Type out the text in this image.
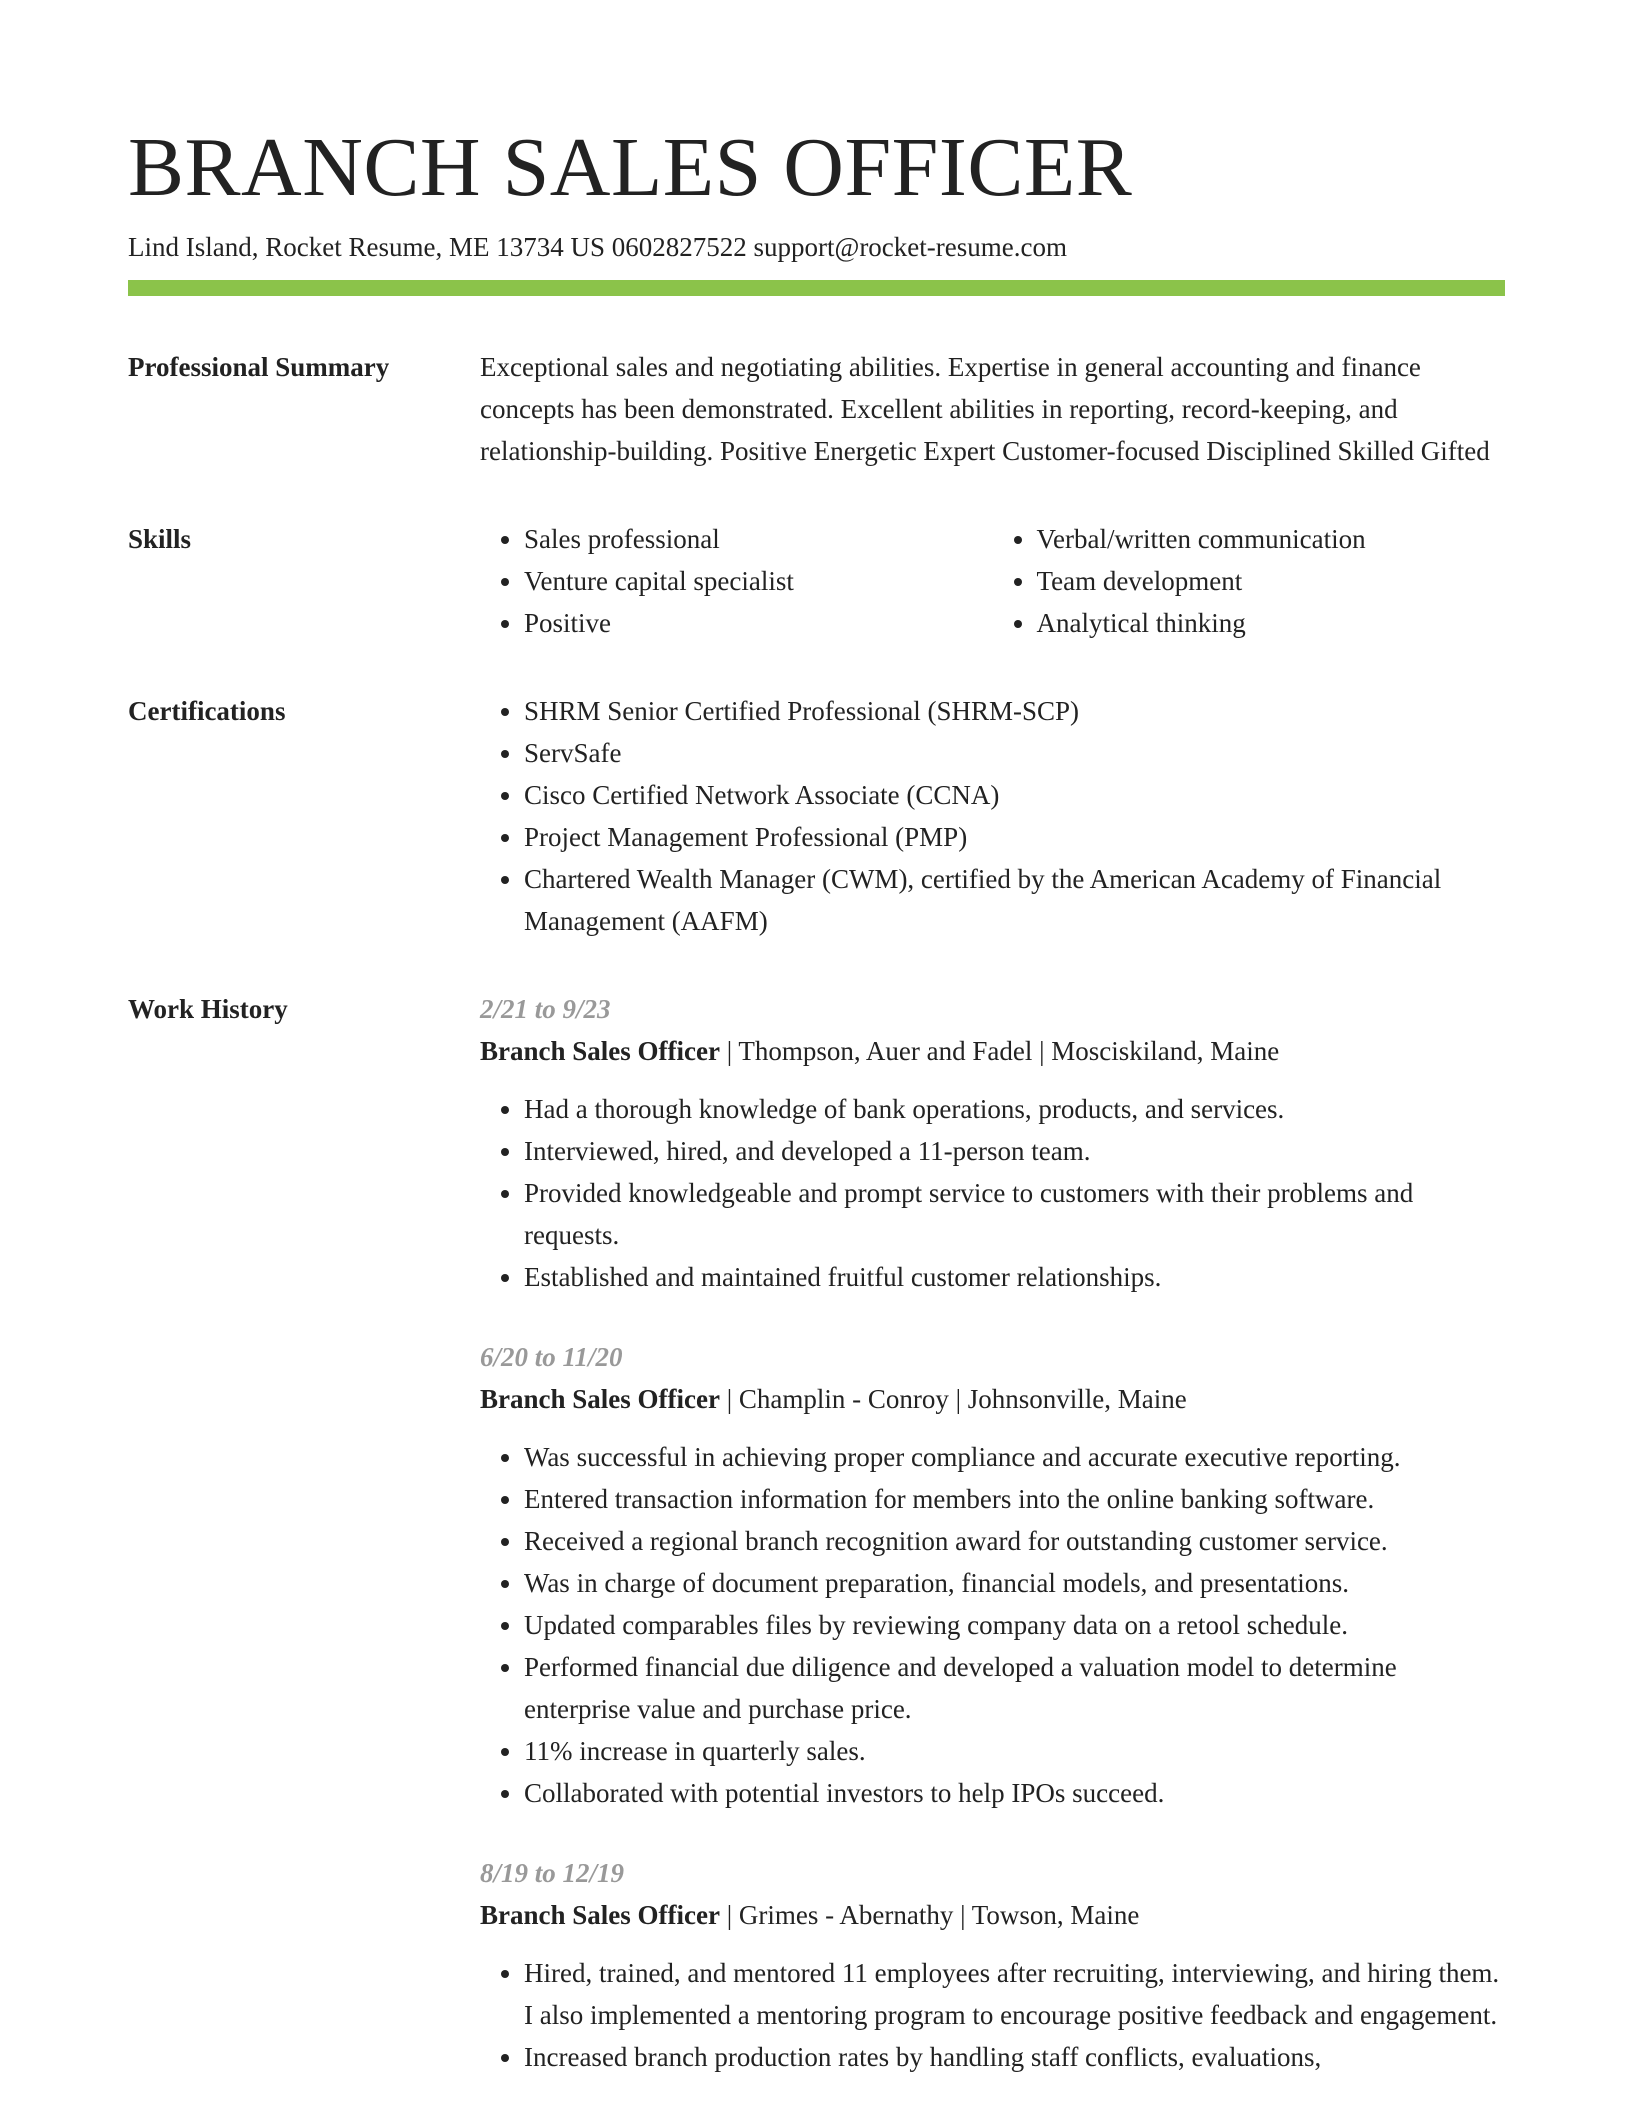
BRANCH SALES OFFICER
Lind Island, Rocket Resume, ME 13734 US 0602827522 support@rocket-resume.com
Professional Summary	Exceptional sales and negotiating abilities. Expertise in general accounting and finance concepts has been demonstrated. Excellent abilities in reporting, record-keeping, and relationship-building. Positive Energetic Expert Customer-focused Disciplined Skilled Gifted

Skills	• Sales professional
• Venture capital specialist
• Positive
• Verbal/written communication
• Team development
• Analytical thinking
Certifications	• SHRM Senior Certified Professional (SHRM-SCP)
• ServSafe
• Cisco Certified Network Associate (CCNA)
• Project Management Professional (PMP)
• Chartered Wealth Manager (CWM), certified by the American Academy of Financial Management (AAFM)
Work History	2/21 to 9/23
Branch Sales Officer | Thompson, Auer and Fadel | Mosciskiland, Maine
• Had a thorough knowledge of bank operations, products, and services.
• Interviewed, hired, and developed a 11-person team.
• Provided knowledgeable and prompt service to customers with their problems and requests.
• Established and maintained fruitful customer relationships.
6/20 to 11/20
Branch Sales Officer | Champlin - Conroy | Johnsonville, Maine
• Was successful in achieving proper compliance and accurate executive reporting.
• Entered transaction information for members into the online banking software.
• Received a regional branch recognition award for outstanding customer service.
• Was in charge of document preparation, financial models, and presentations.
• Updated comparables files by reviewing company data on a retool schedule.
• Performed financial due diligence and developed a valuation model to determine enterprise value and purchase price.
• 11% increase in quarterly sales.
• Collaborated with potential investors to help IPOs succeed.
8/19 to 12/19
Branch Sales Officer | Grimes - Abernathy | Towson, Maine
• Hired, trained, and mentored 11 employees after recruiting, interviewing, and hiring them. I also implemented a mentoring program to encourage positive feedback and engagement.
• Increased branch production rates by handling staff conflicts, evaluations,
